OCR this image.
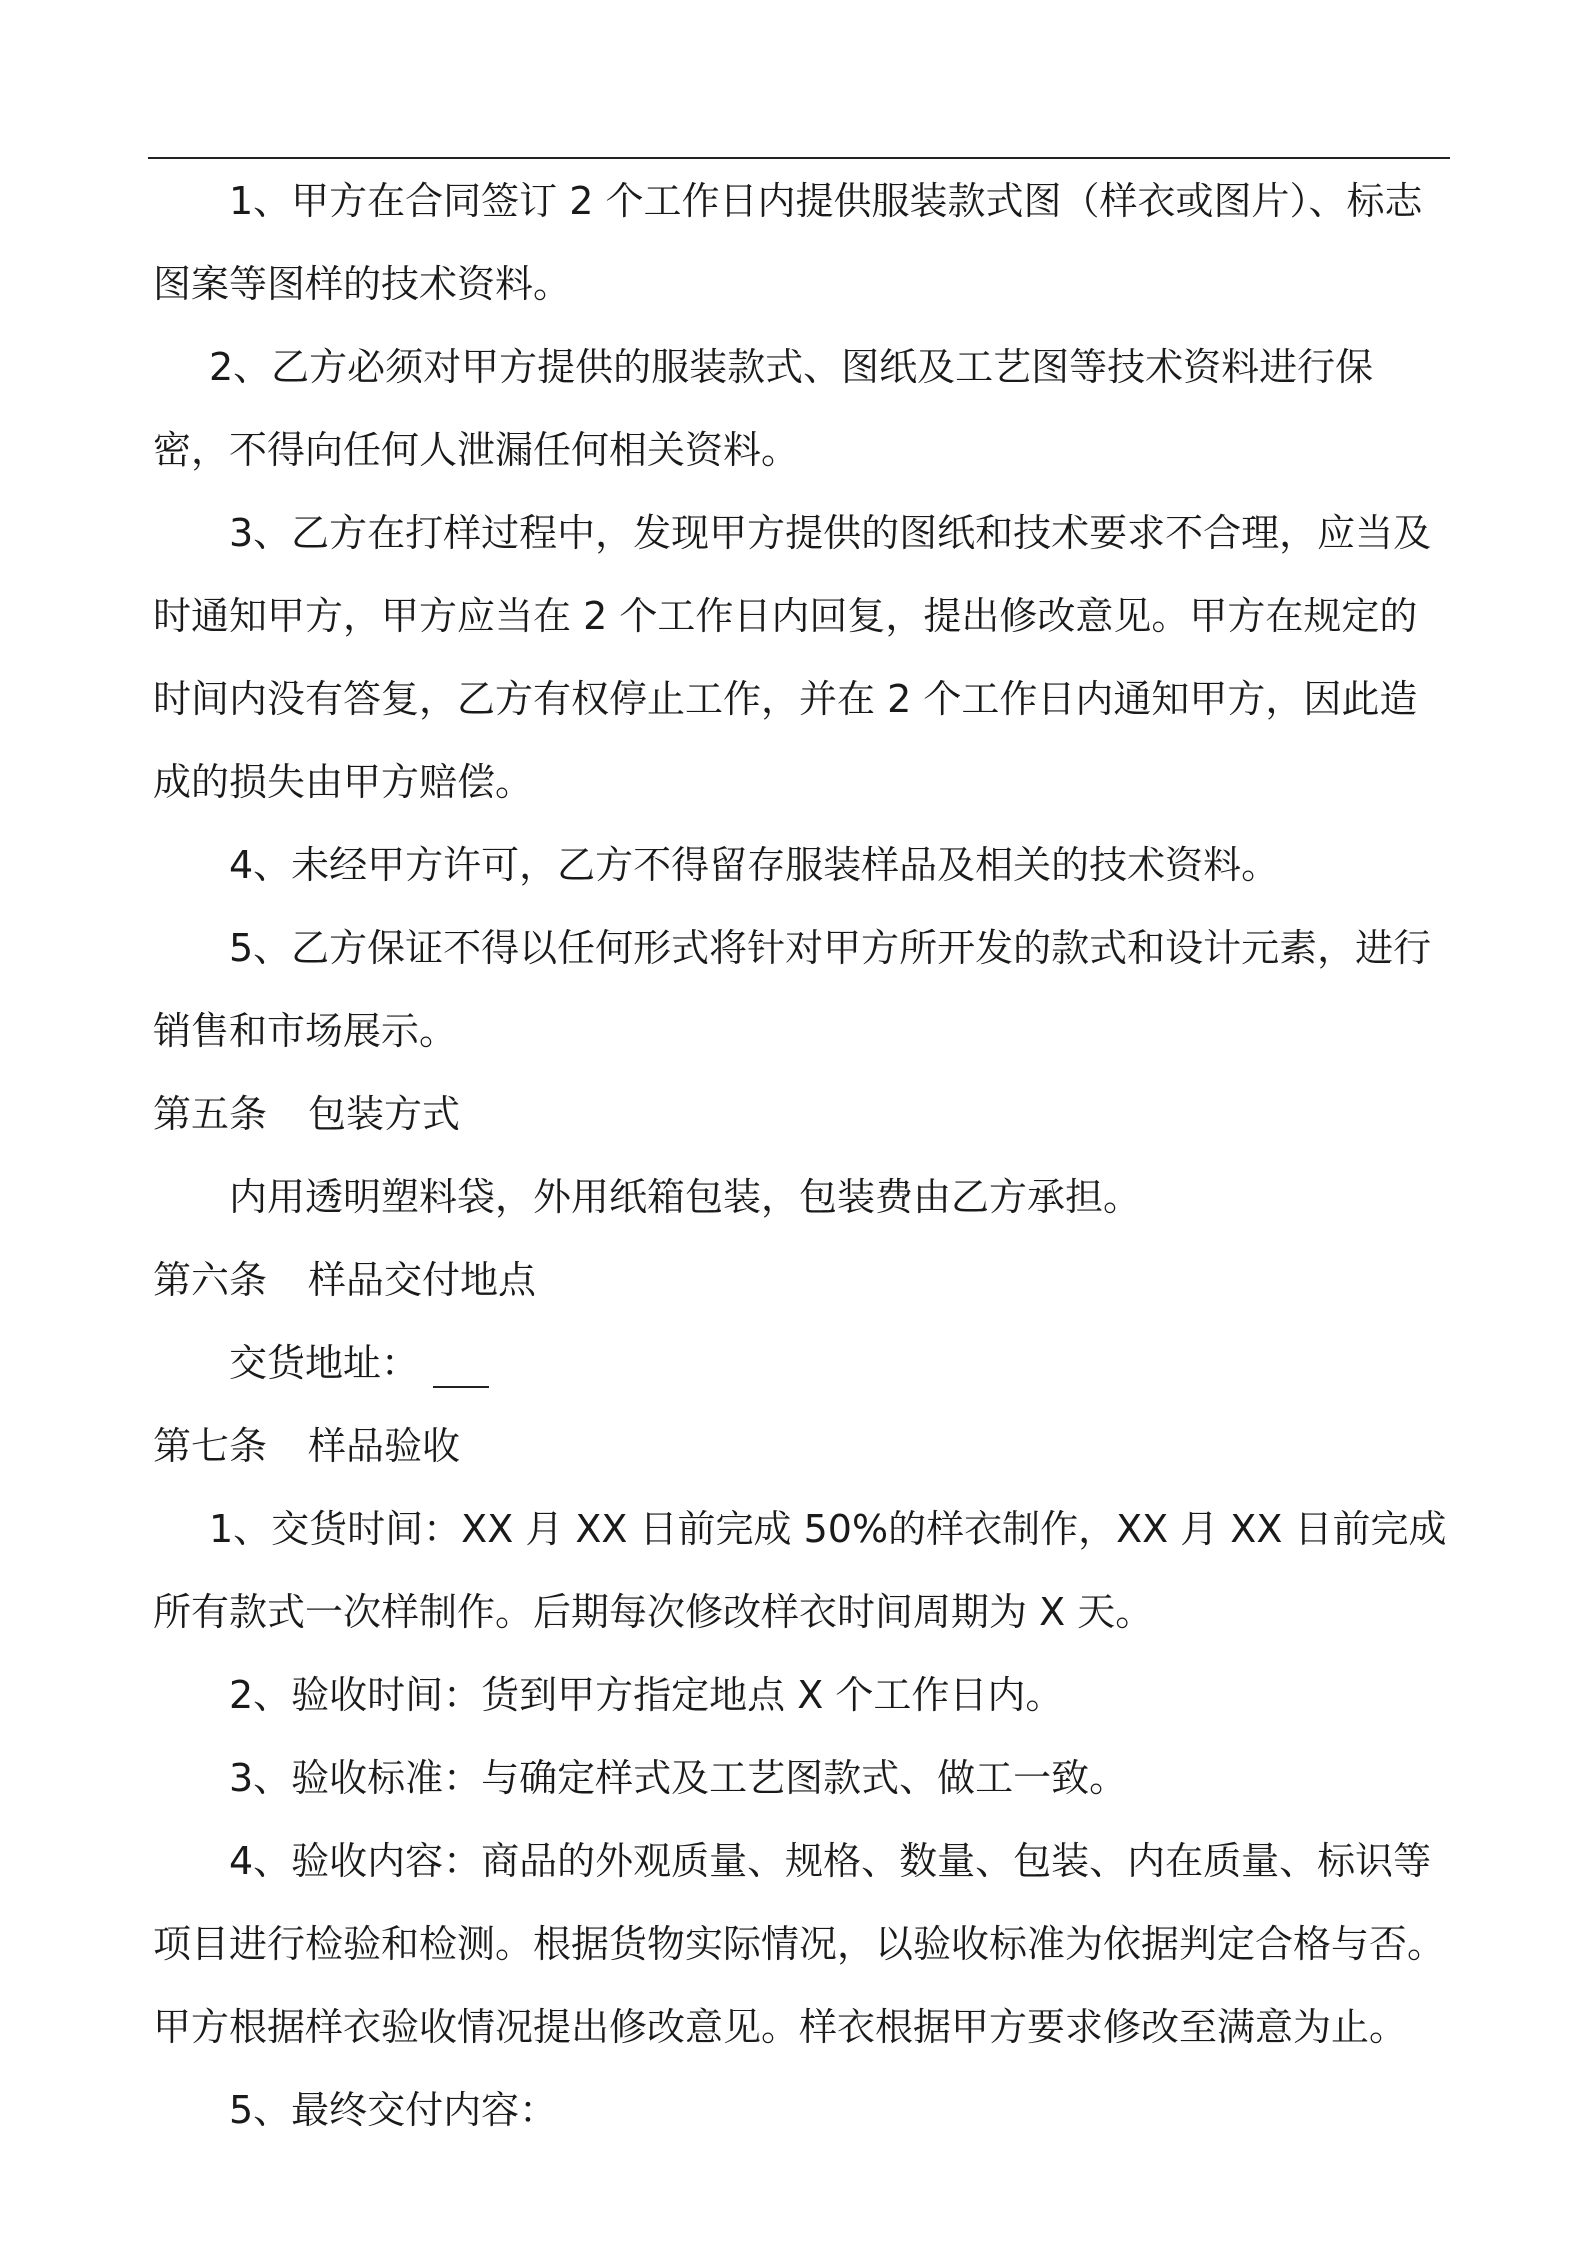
1、甲方在合同签订 2 个工作日内提供服装款式图（样衣或图片）、标志图案等图样的技术资料。

2、乙方必须对甲方提供的服装款式、图纸及工艺图等技术资料进行保密，不得向任何人泄漏任何相关资料。

3、乙方在打样过程中，发现甲方提供的图纸和技术要求不合理，应当及时通知甲方，甲方应当在 2 个工作日内回复，提出修改意见。甲方在规定的时间内没有答复，乙方有权停止工作，并在 2 个工作日内通知甲方，因此造成的损失由甲方赔偿。

4、未经甲方许可，乙方不得留存服装样品及相关的技术资料。

5、乙方保证不得以任何形式将针对甲方所开发的款式和设计元素，进行销售和市场展示。

第五条 包装方式

内用透明塑料袋，外用纸箱包装，包装费由乙方承担。

第六条 样品交付地点

交货地址：

第七条 样品验收

1、交货时间：XX 月 XX 日前完成 50%的样衣制作，XX 月 XX 日前完成所有款式一次样制作。后期每次修改样衣时间周期为 X 天。

2、验收时间：货到甲方指定地点 X 个工作日内。

3、验收标准：与确定样式及工艺图款式、做工一致。

4、验收内容：商品的外观质量、规格、数量、包装、内在质量、标识等项目进行检验和检测。根据货物实际情况，以验收标准为依据判定合格与否。甲方根据样衣验收情况提出修改意见。样衣根据甲方要求修改至满意为止。

5、最终交付内容：
